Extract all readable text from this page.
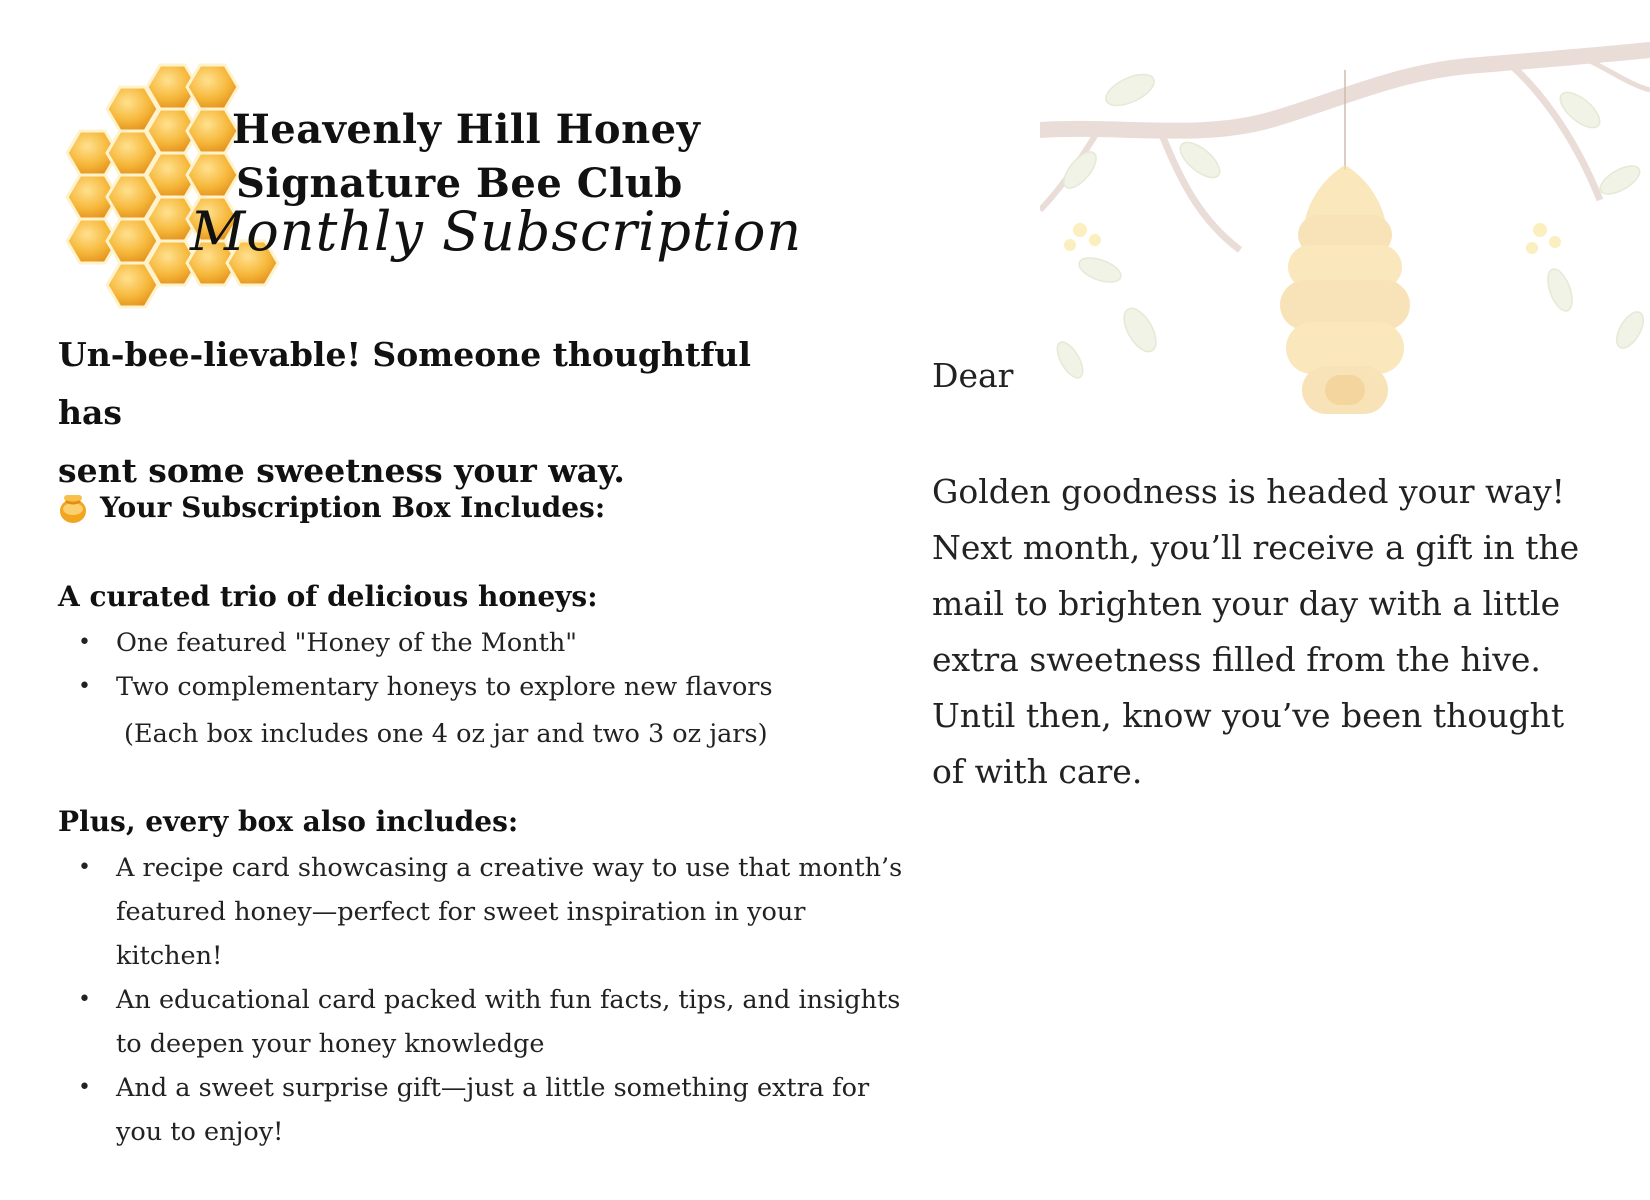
Heavenly Hill Honey
Signature Bee Club
Monthly Subscription
Un-bee-lievable! Someone thoughtful has
sent some sweetness your way.
Your Subscription Box Includes:
A curated trio of delicious honeys:
• One featured "Honey of the Month"
• Two complementary honeys to explore new flavors
(Each box includes one 4 oz jar and two 3 oz jars)
Plus, every box also includes:
• A recipe card showcasing a creative way to use that month’s featured honey—perfect for sweet inspiration in your kitchen!
• An educational card packed with fun facts, tips, and insights to deepen your honey knowledge
• And a sweet surprise gift—just a little something extra for you to enjoy!
Dear
Golden goodness is headed your way! Next month, you’ll receive a gift in the mail to brighten your day with a little extra sweetness filled from the hive. Until then, know you’ve been thought of with care.
